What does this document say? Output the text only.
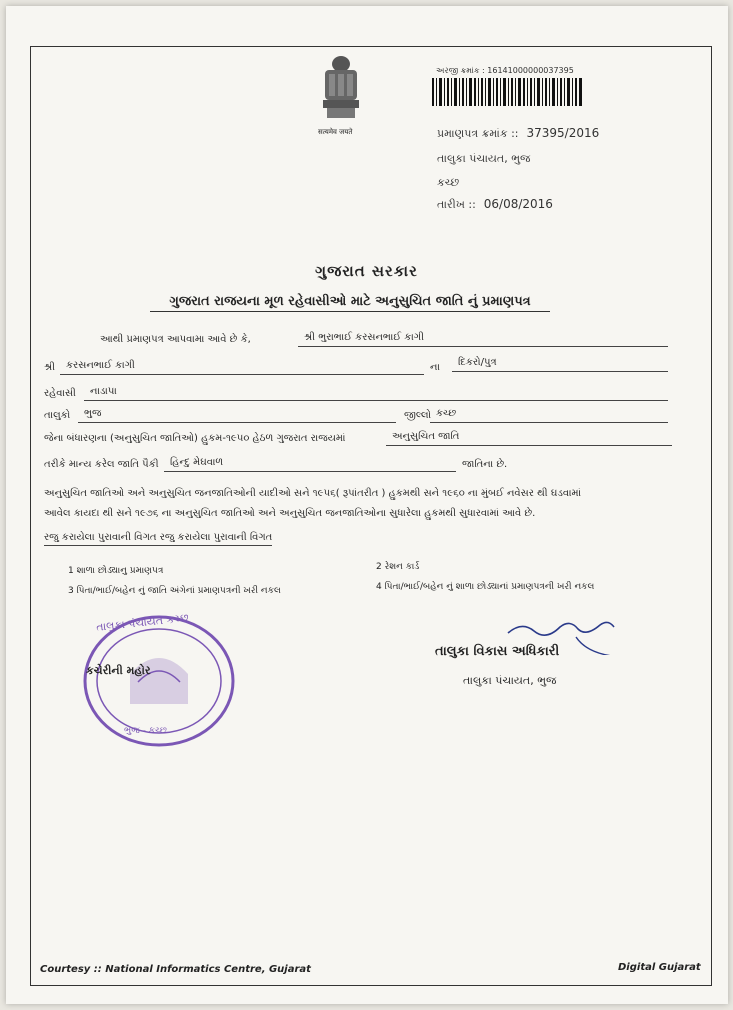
सत्यमेव जयते
અરજી ક્રમાંક : 16141000000037395
પ્રમાણપત્ર ક્રમાંક :: 37395/2016
તાલુકા પંચાયત, ભુજ
કચ્છ
તારીખ :: 06/08/2016
ગુજરાત સરકાર
ગુજરાત રાજયના મૂળ રહેવાસીઓ માટે અનુસુચિત જાતિ નું પ્રમાણપત્ર
આથી પ્રમાણપત્ર આપવામા આવે છે કે,	શ્રી ભુરાભાઈ કરસનભાઈ કાગી
શ્રી	કરસનભાઈ કાગી	ના	દિકરો/પુત્ર
રહેવાસી	નાડાપા
તાલુકો	ભુજ	જીલ્લો કચ્છ
જેના બંધારણના (અનુસુચિત જાતિઓ) હુકમ-૧૯૫૦ હેઠળ ગુજરાત રાજયમાં	અનુસુચિત જાતિ
તરીકે માન્ય કરેલ જાતિ પૈકી	હિન્દુ મેઘવાળ	જાતિના છે.
અનુસુચિત જાતિઓ અને અનુસુચિત જનજાતિઓની યાદીઓ સને ૧૯૫૬( રૂપાંતરીત ) હુકમથી સને ૧૯૬૦ ના મુંબઈ નવેસર થી ઘડવામાં
આવેલ કાયદા થી સને ૧૯૭૬ ના અનુસુચિત જાતિઓ અને અનુસુચિત જનજાતિઓના સુધારેલા હુકમથી સુધારવામાં આવે છે.
રજુ કરાયેલા પુરાવાની વિગત રજુ કરાયેલા પુરાવાની વિગત
1 શાળા છોડ્યાનુ પ્રમાણપત્ર	2 રેશન કાર્ડ
3 પિતા/ભાઈ/બહેન નું જાતિ અંગેનાં પ્રમાણપત્રની ખરી નકલ	4 પિતા/ભાઈ/બહેન નું શાળા છોડ્યાનાં પ્રમાણપત્રની ખરી નકલ
તાલુકા પંચાયત કચ્છ
કચેરીની મહોર
ભુજ - કચ્છ
તાલુકા વિકાસ અધિકારી
તાલુકા પંચાયત, ભુજ
Courtesy :: National Informatics Centre, Gujarat	Digital Gujarat
